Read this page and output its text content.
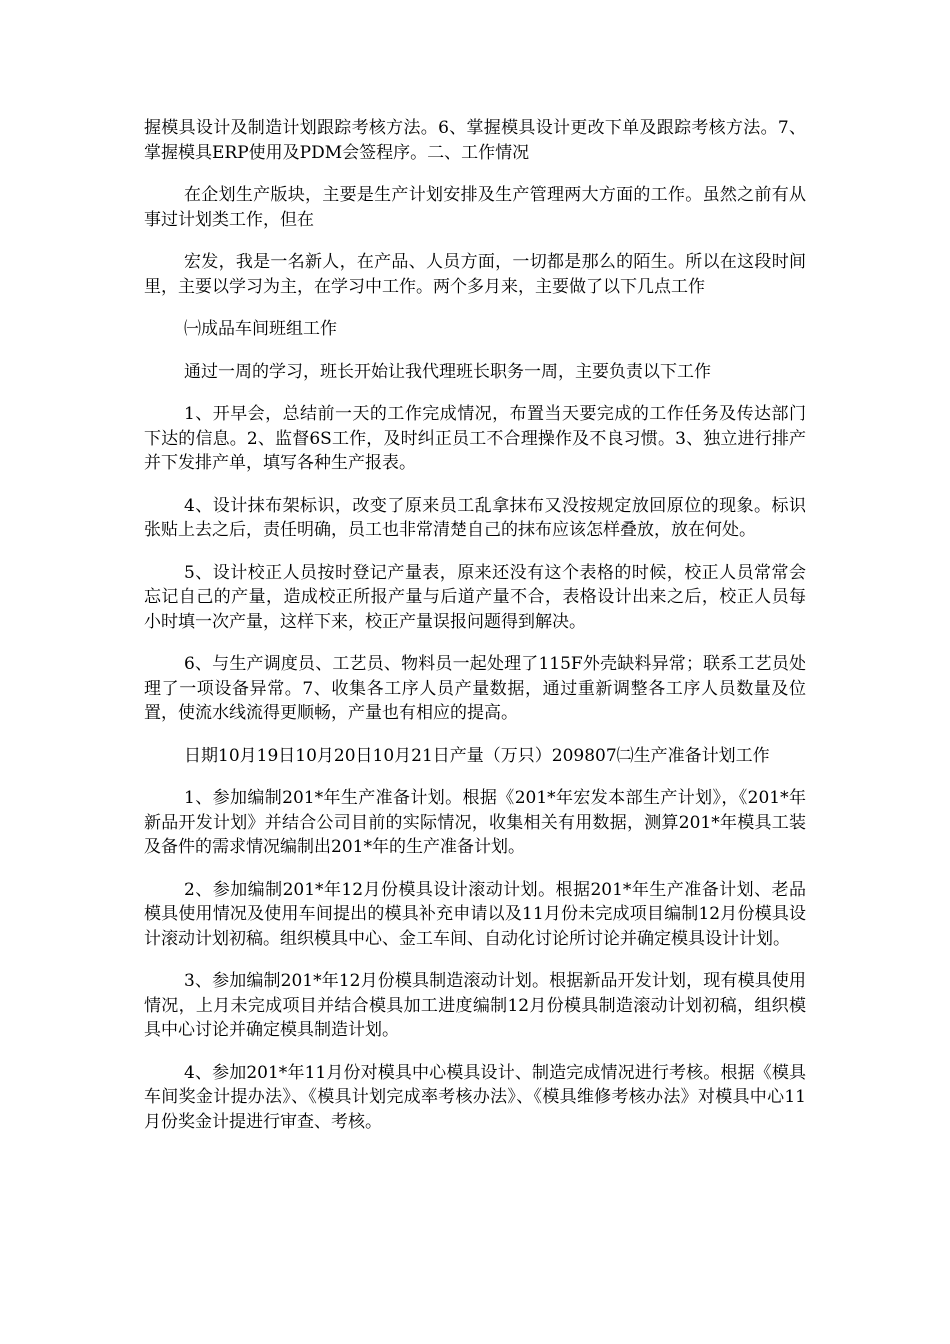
握模具设计及制造计划跟踪考核方法。6、掌握模具设计更改下单及跟踪考核方法。7、掌握模具ERP使用及PDM会签程序。二、工作情况

在企划生产版块，主要是生产计划安排及生产管理两大方面的工作。虽然之前有从事过计划类工作，但在

宏发，我是一名新人，在产品、人员方面，一切都是那么的陌生。所以在这段时间里，主要以学习为主，在学习中工作。两个多月来，主要做了以下几点工作

㈠成品车间班组工作

通过一周的学习，班长开始让我代理班长职务一周，主要负责以下工作

1、开早会，总结前一天的工作完成情况，布置当天要完成的工作任务及传达部门下达的信息。2、监督6S工作，及时纠正员工不合理操作及不良习惯。3、独立进行排产并下发排产单，填写各种生产报表。

4、设计抹布架标识，改变了原来员工乱拿抹布又没按规定放回原位的现象。标识张贴上去之后，责任明确，员工也非常清楚自己的抹布应该怎样叠放，放在何处。

5、设计校正人员按时登记产量表，原来还没有这个表格的时候，校正人员常常会忘记自己的产量，造成校正所报产量与后道产量不合，表格设计出来之后，校正人员每小时填一次产量，这样下来，校正产量误报问题得到解决。

6、与生产调度员、工艺员、物料员一起处理了115F外壳缺料异常；联系工艺员处理了一项设备异常。7、收集各工序人员产量数据，通过重新调整各工序人员数量及位置，使流水线流得更顺畅，产量也有相应的提高。

日期10月19日10月20日10月21日产量（万只）209807㈡生产准备计划工作

1、参加编制201*年生产准备计划。根据《201*年宏发本部生产计划》，《201*年新品开发计划》并结合公司目前的实际情况，收集相关有用数据，测算201*年模具工装及备件的需求情况编制出201*年的生产准备计划。

2、参加编制201*年12月份模具设计滚动计划。根据201*年生产准备计划、老品模具使用情况及使用车间提出的模具补充申请以及11月份未完成项目编制12月份模具设计滚动计划初稿。组织模具中心、金工车间、自动化讨论所讨论并确定模具设计计划。

3、参加编制201*年12月份模具制造滚动计划。根据新品开发计划，现有模具使用情况，上月未完成项目并结合模具加工进度编制12月份模具制造滚动计划初稿，组织模具中心讨论并确定模具制造计划。

4、参加201*年11月份对模具中心模具设计、制造完成情况进行考核。根据《模具车间奖金计提办法》、《模具计划完成率考核办法》、《模具维修考核办法》对模具中心11月份奖金计提进行审查、考核。
